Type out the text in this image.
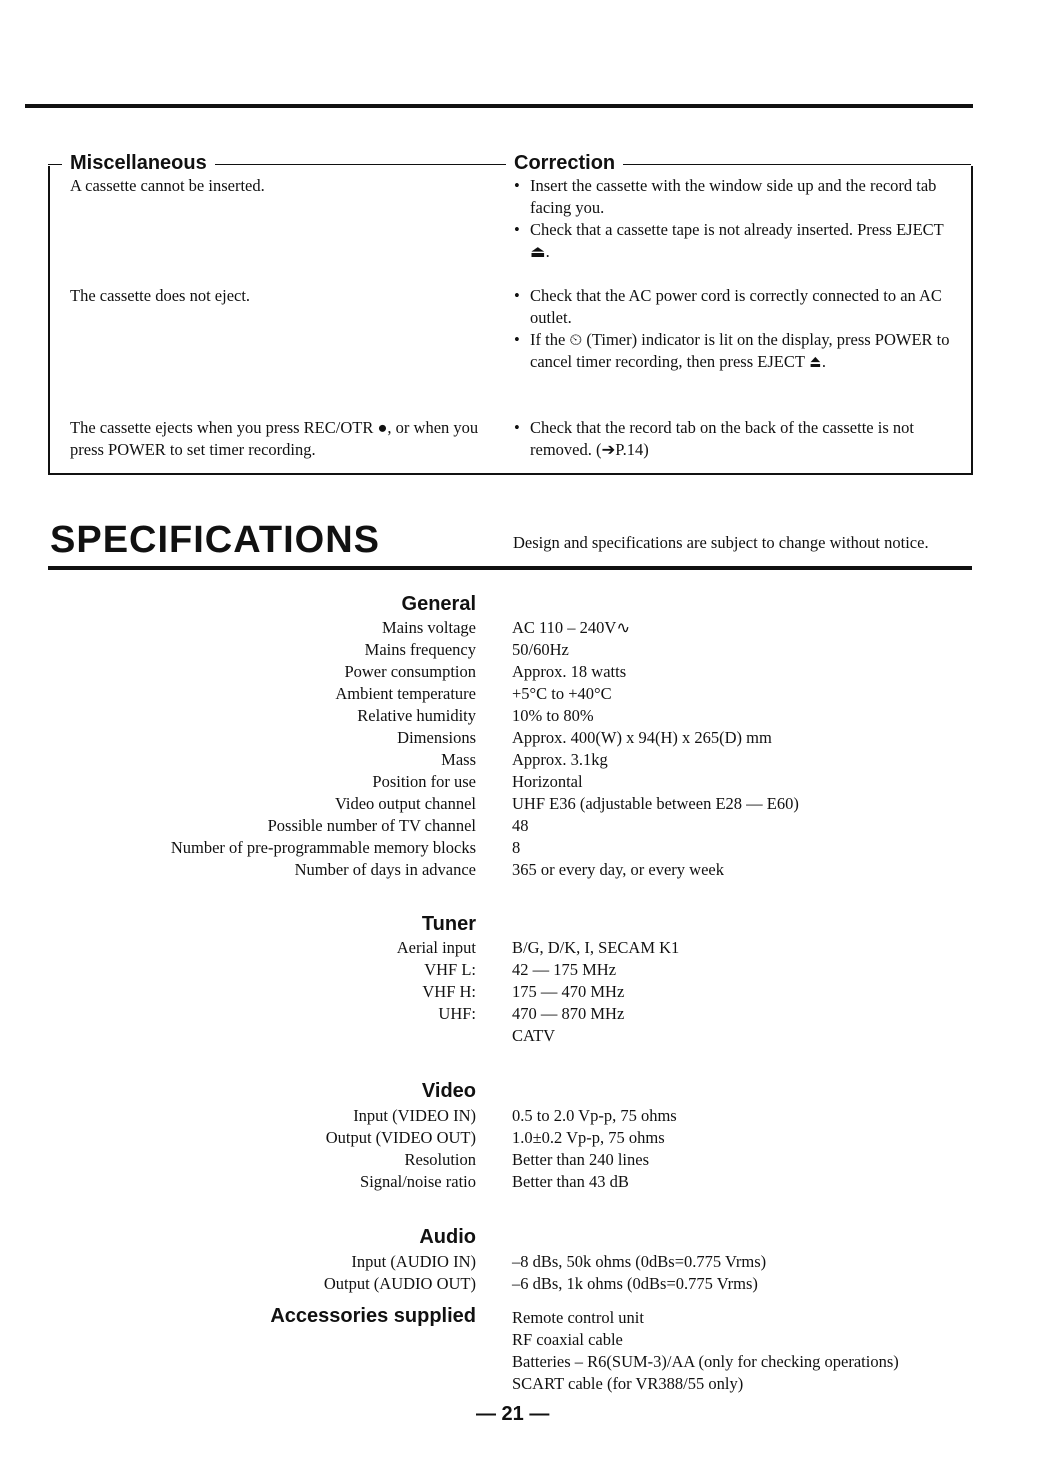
Miscellaneous	Correction
A cassette cannot be inserted.	• Insert the cassette with the window side up and the record tab facing you.
• Check that a cassette tape is not already inserted. Press EJECT ⏏.
The cassette does not eject.	• Check that the AC power cord is correctly connected to an AC outlet.
• If the ⏲ (Timer) indicator is lit on the display, press POWER to cancel timer recording, then press EJECT ⏏.
The cassette ejects when you press REC/OTR ●, or when you press POWER to set timer recording.
• Check that the record tab on the back of the cassette is not removed. (➔P.14)
SPECIFICATIONS	Design and specifications are subject to change without notice.
General
Mains voltage AC 110 – 240V∿
Mains frequency 50/60Hz
Power consumption Approx. 18 watts
Ambient temperature +5°C to +40°C
Relative humidity 10% to 80%
Dimensions Approx. 400(W) x 94(H) x 265(D) mm
Mass Approx. 3.1kg
Position for use Horizontal
Video output channel UHF E36 (adjustable between E28 — E60)
Possible number of TV channel 48
Number of pre-programmable memory blocks 8
Number of days in advance 365 or every day, or every week
Tuner
Aerial input B/G, D/K, I, SECAM K1
VHF L: 42 — 175 MHz
VHF H: 175 — 470 MHz
UHF: 470 — 870 MHz
CATV
Video
Input (VIDEO IN) 0.5 to 2.0 Vp-p, 75 ohms
Output (VIDEO OUT) 1.0±0.2 Vp-p, 75 ohms
Resolution Better than 240 lines
Signal/noise ratio Better than 43 dB
Audio
Input (AUDIO IN) –8 dBs, 50k ohms (0dBs=0.775 Vrms)
Output (AUDIO OUT) –6 dBs, 1k ohms (0dBs=0.775 Vrms)
Accessories supplied Remote control unit
RF coaxial cable
Batteries – R6(SUM-3)/AA (only for checking operations)
SCART cable (for VR388/55 only)
— 21 —
